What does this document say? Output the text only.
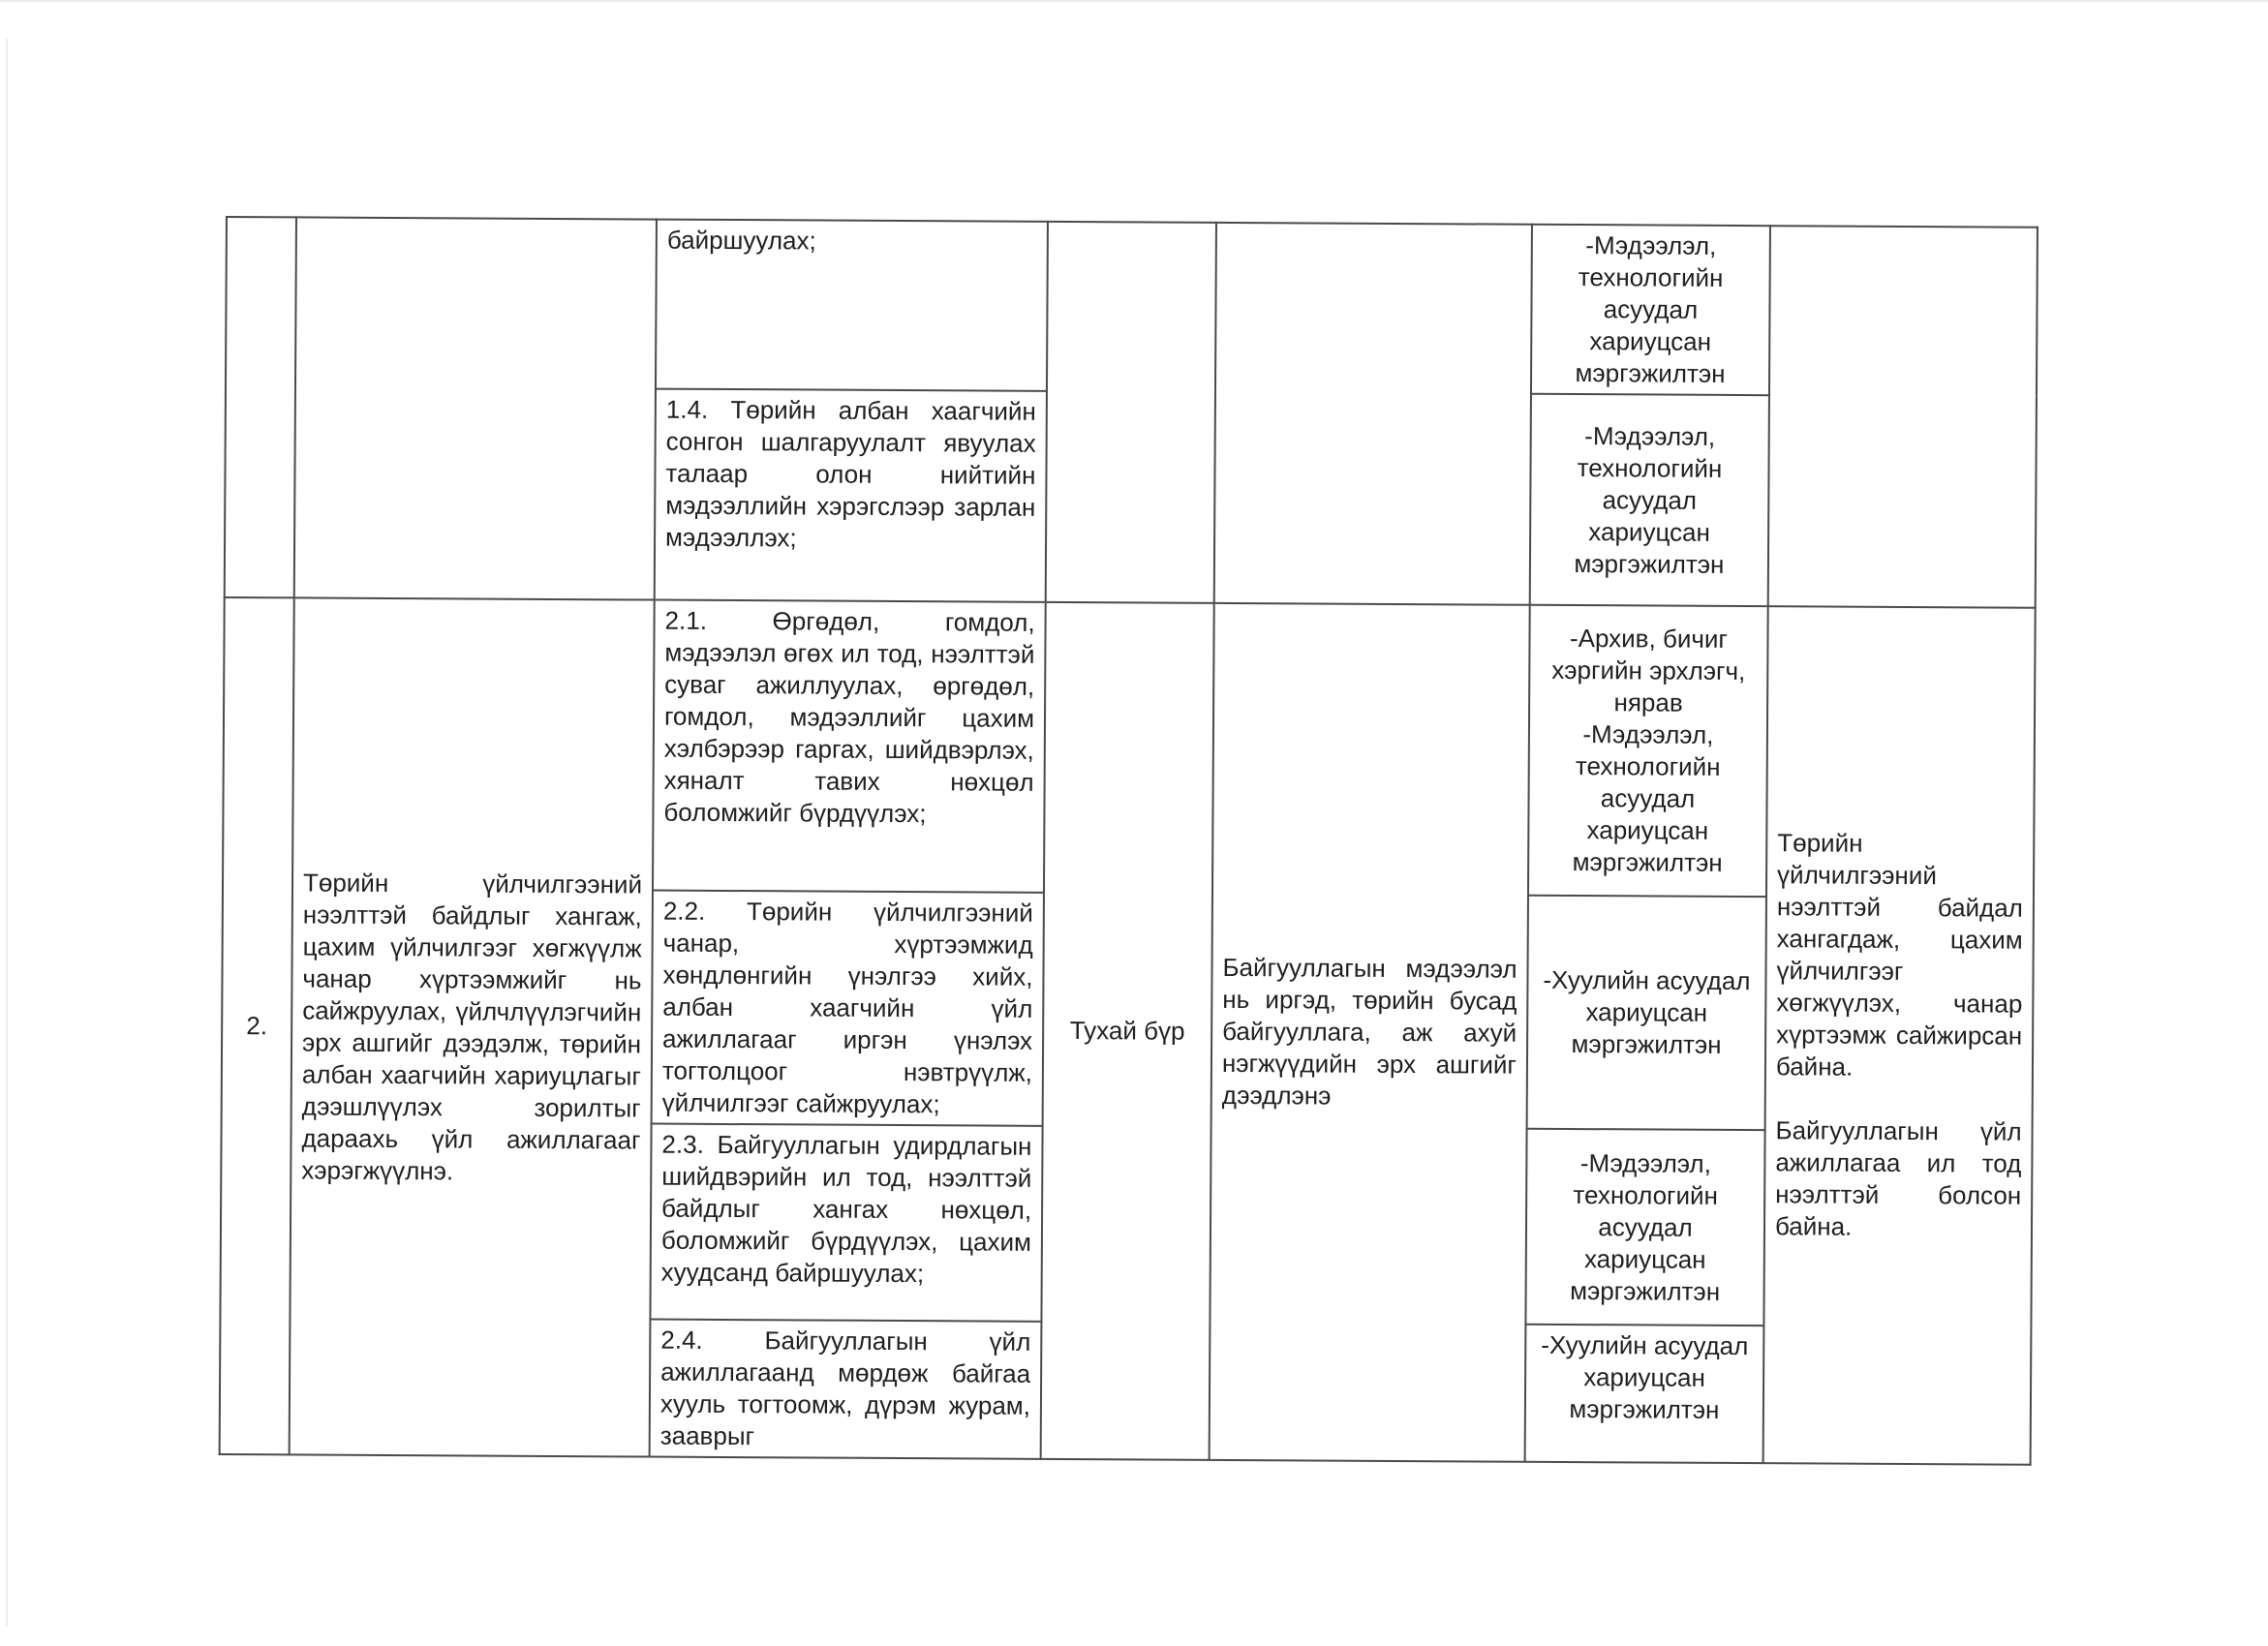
		байршуулах;			-Мэдээлэл, технологийн асуудал хариуцсан мэргэжилтэн	
		1.4. Төрийн албан хаагчийн сонгон шалгаруулалт явуулах талаар олон нийтийн мэдээллийн хэрэгслээр зарлан мэдээллэх;			-Мэдээлэл, технологийн асуудал хариуцсан мэргэжилтэн	
2.	Төрийн үйлчилгээний нээлттэй байдлыг хангаж, цахим үйлчилгээг хөгжүүлж чанар хүртээмжийг нь сайжруулах, үйлчлүүлэгчийн эрх ашгийг дээдэлж, төрийн албан хаагчийн хариуцлагыг дээшлүүлэх зорилтыг дараахь үйл ажиллагааг хэрэгжүүлнэ.	2.1. Өргөдөл, гомдол, мэдээлэл өгөх ил тод, нээлттэй суваг ажиллуулах, өргөдөл, гомдол, мэдээллийг цахим хэлбэрээр гаргах, шийдвэрлэх, хяналт тавих нөхцөл боломжийг бүрдүүлэх;	Тухай бүр	Байгууллагын мэдээлэл нь иргэд, төрийн бусад байгууллага, аж ахуй нэгжүүдийн эрх ашгийг дээдлэнэ	-Архив, бичиг хэргийн эрхлэгч, нярав
-Мэдээлэл, технологийн асуудал хариуцсан мэргэжилтэн	Төрийн үйлчилгээний нээлттэй байдал хангагдаж, цахим үйлчилгээг хөгжүүлэх, чанар хүртээмж сайжирсан байна.

Байгууллагын үйл ажиллагаа ил тод нээлттэй болсон байна.
		2.2. Төрийн үйлчилгээний чанар, хүртээмжид хөндлөнгийн үнэлгээ хийх, албан хаагчийн үйл ажиллагааг иргэн үнэлэх тогтолцоог нэвтрүүлж, үйлчилгээг сайжруулах;			-Хуулийн асуудал хариуцсан мэргэжилтэн	
		2.3. Байгууллагын удирдлагын шийдвэрийн ил тод, нээлттэй байдлыг хангах нөхцөл, боломжийг бүрдүүлэх, цахим хуудсанд байршуулах;			-Мэдээлэл, технологийн асуудал хариуцсан мэргэжилтэн	
		2.4. Байгууллагын үйл ажиллагаанд мөрдөж байгаа хууль тогтоомж, дүрэм журам, зааврыг			-Хуулийн асуудал хариуцсан мэргэжилтэн	
